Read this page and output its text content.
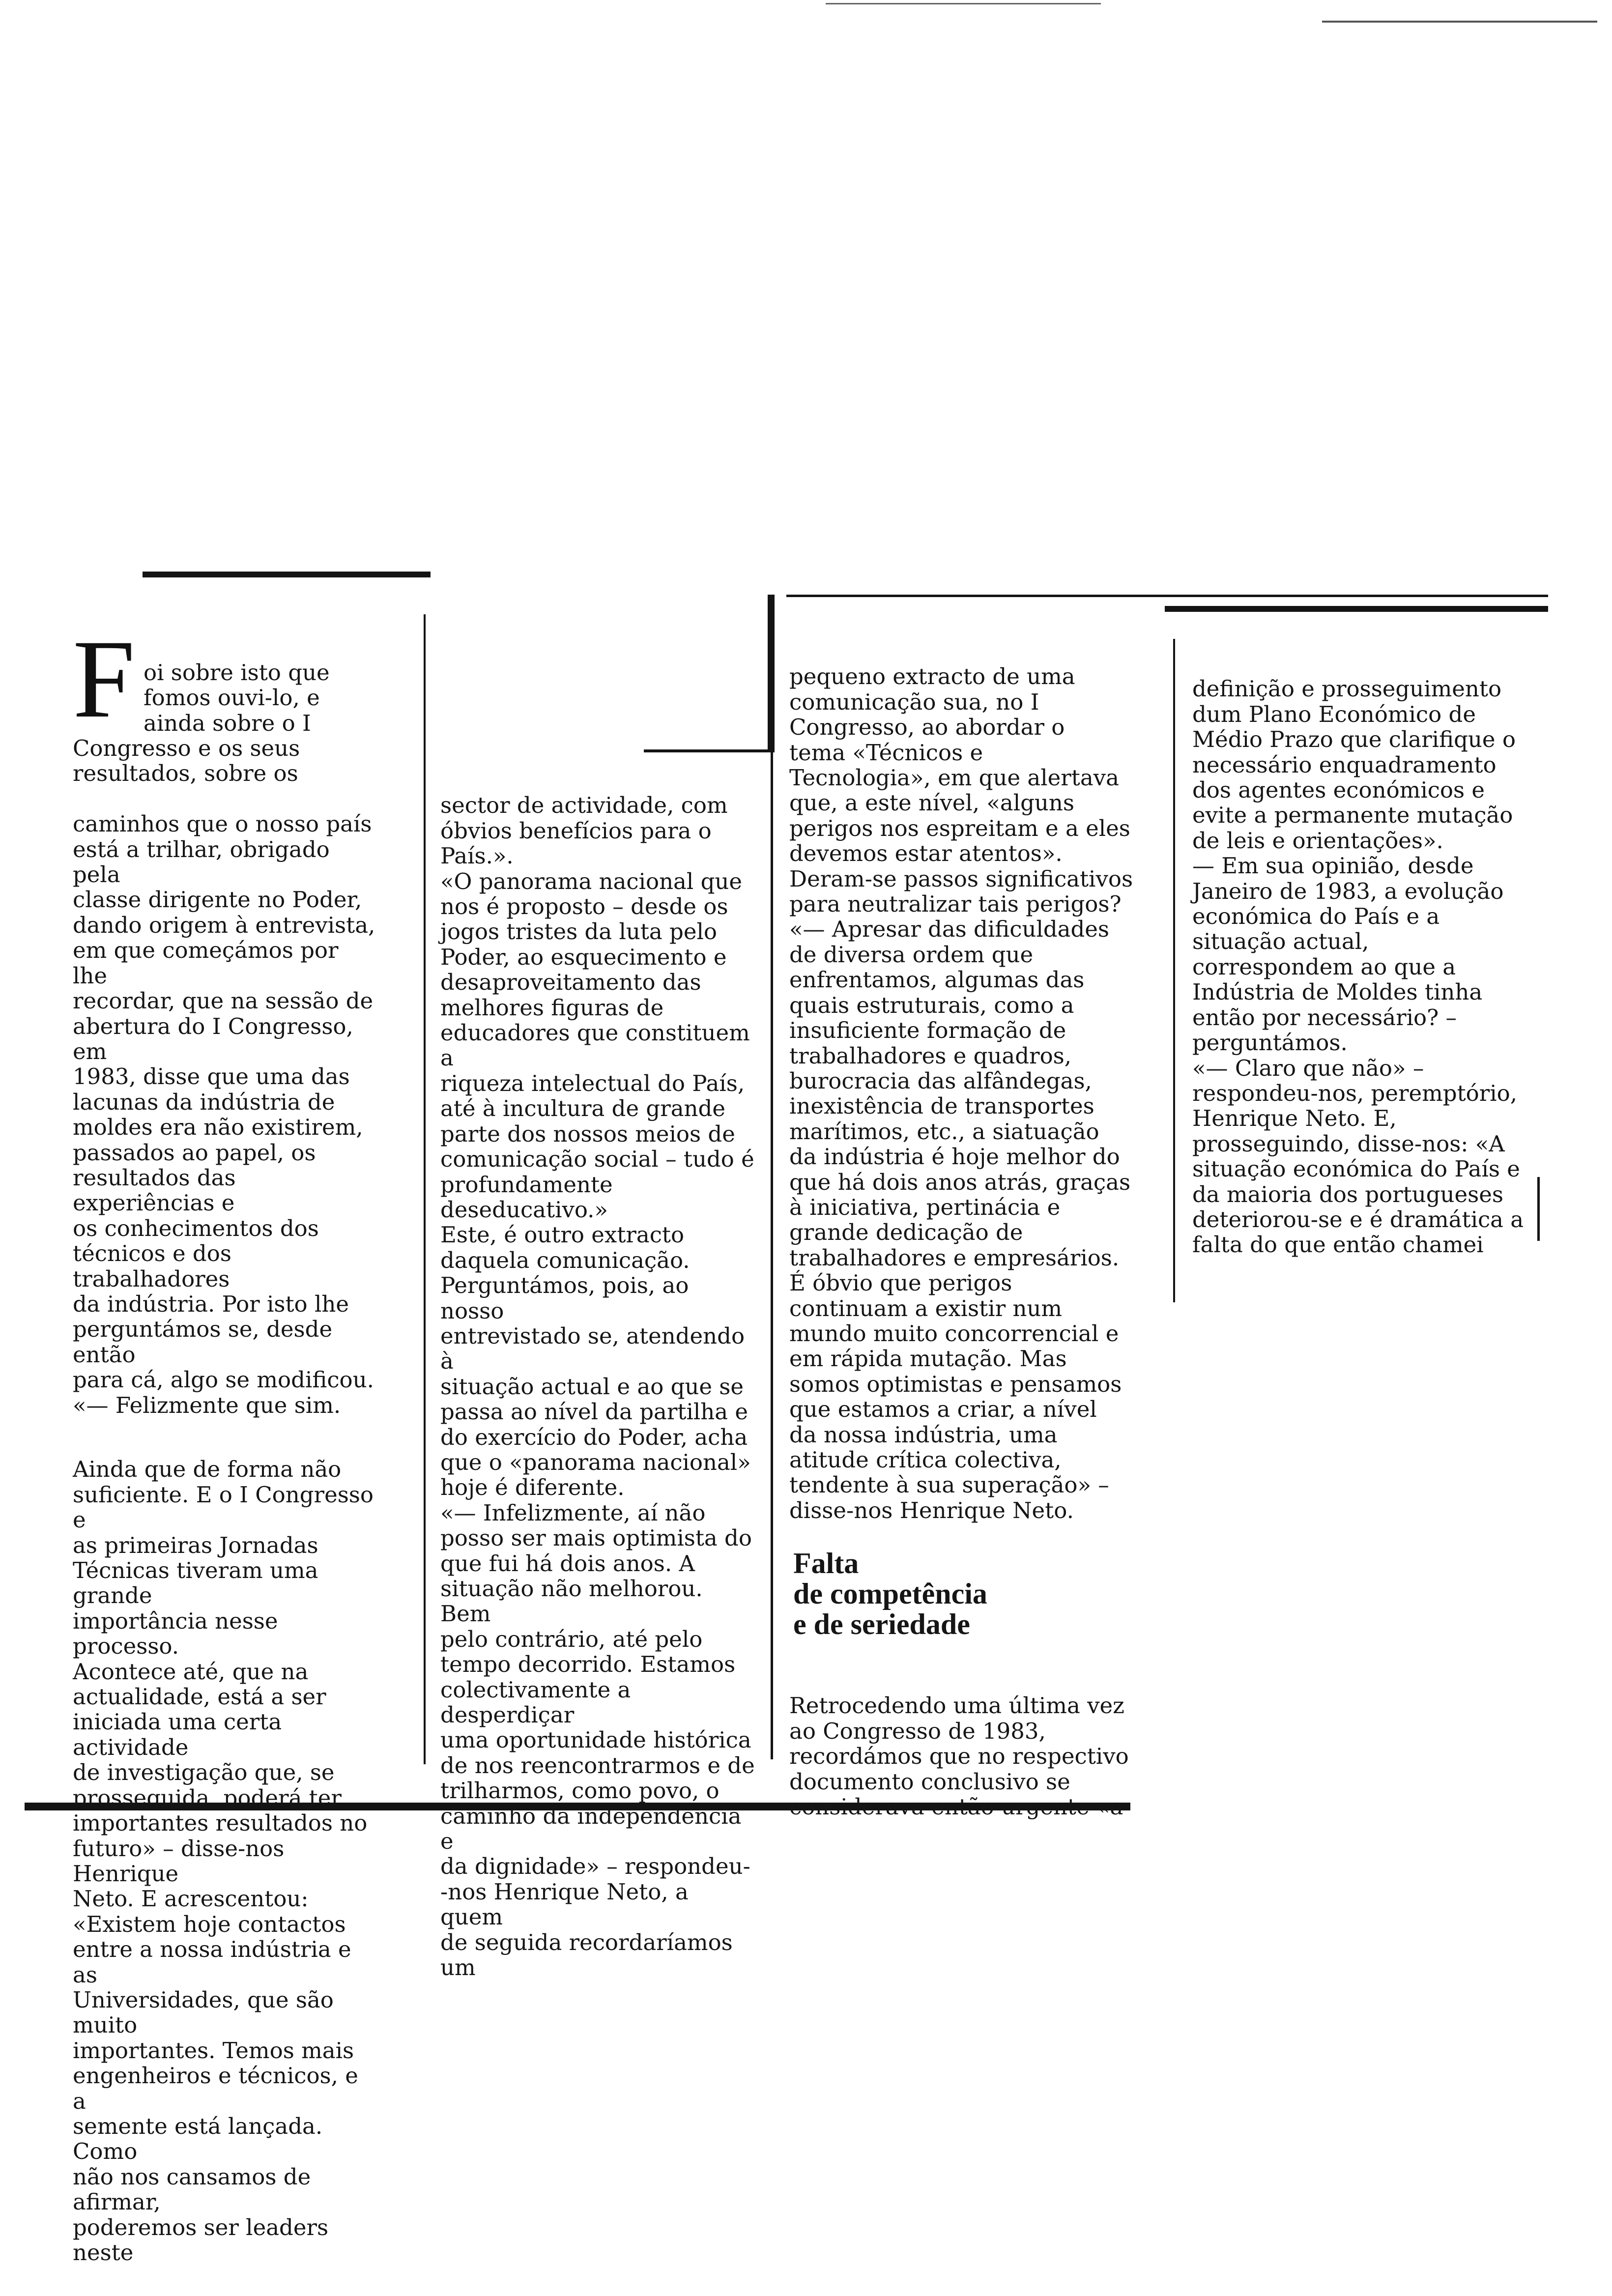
F oi sobre isto que
fomos ouvi-lo, e
ainda sobre o I
Congresso e os seus
resultados, sobre os

caminhos que o nosso país
está a trilhar, obrigado pela
classe dirigente no Poder,
dando origem à entrevista,
em que começámos por lhe
recordar, que na sessão de
abertura do I Congresso, em
1983, disse que uma das
lacunas da indústria de
moldes era não existirem,
passados ao papel, os
resultados das experiências e
os conhecimentos dos
técnicos e dos trabalhadores
da indústria. Por isto lhe
perguntámos se, desde então
para cá, algo se modificou.
«— Felizmente que sim.

Ainda que de forma não
suficiente. E o I Congresso e
as primeiras Jornadas
Técnicas tiveram uma grande
importância nesse processo.
Acontece até, que na
actualidade, está a ser
iniciada uma certa actividade
de investigação que, se
prosseguida, poderá ter
importantes resultados no
futuro» – disse-nos Henrique
Neto. E acrescentou:
«Existem hoje contactos
entre a nossa indústria e as
Universidades, que são muito
importantes. Temos mais
engenheiros e técnicos, e a
semente está lançada. Como
não nos cansamos de afirmar,
poderemos ser leaders neste

sector de actividade, com
óbvios benefícios para o
País.».
«O panorama nacional que
nos é proposto – desde os
jogos tristes da luta pelo
Poder, ao esquecimento e
desaproveitamento das
melhores figuras de
educadores que constituem a
riqueza intelectual do País,
até à incultura de grande
parte dos nossos meios de
comunicação social – tudo é
profundamente
deseducativo.»
Este, é outro extracto
daquela comunicação.
Perguntámos, pois, ao nosso
entrevistado se, atendendo à
situação actual e ao que se
passa ao nível da partilha e
do exercício do Poder, acha
que o «panorama nacional»
hoje é diferente.
«— Infelizmente, aí não
posso ser mais optimista do
que fui há dois anos. A
situação não melhorou. Bem
pelo contrário, até pelo
tempo decorrido. Estamos
colectivamente a desperdiçar
uma oportunidade histórica
de nos reencontrarmos e de
trilharmos, como povo, o
caminho da independência e
da dignidade» – respondeu-
-nos Henrique Neto, a quem
de seguida recordaríamos um

pequeno extracto de uma
comunicação sua, no I
Congresso, ao abordar o
tema «Técnicos e
Tecnologia», em que alertava
que, a este nível, «alguns
perigos nos espreitam e a eles
devemos estar atentos».
Deram-se passos significativos
para neutralizar tais perigos?
«— Apresar das dificuldades
de diversa ordem que
enfrentamos, algumas das
quais estruturais, como a
insuficiente formação de
trabalhadores e quadros,
burocracia das alfândegas,
inexistência de transportes
marítimos, etc., a siatuação
da indústria é hoje melhor do
que há dois anos atrás, graças
à iniciativa, pertinácia e
grande dedicação de
trabalhadores e empresários.
É óbvio que perigos
continuam a existir num
mundo muito concorrencial e
em rápida mutação. Mas
somos optimistas e pensamos
que estamos a criar, a nível
da nossa indústria, uma
atitude crítica colectiva,
tendente à sua superação» –
disse-nos Henrique Neto.

Falta
de competência
e de seriedade

Retrocedendo uma última vez
ao Congresso de 1983,
recordámos que no respectivo
documento conclusivo se
considerava então urgente «a

definição e prosseguimento
dum Plano Económico de
Médio Prazo que clarifique o
necessário enquadramento
dos agentes económicos e
evite a permanente mutação
de leis e orientações».
— Em sua opinião, desde
Janeiro de 1983, a evolução
económica do País e a
situação actual,
correspondem ao que a
Indústria de Moldes tinha
então por necessário? –
perguntámos.
«— Claro que não» –
respondeu-nos, peremptório,
Henrique Neto. E,
prosseguindo, disse-nos: «A
situação económica do País e
da maioria dos portugueses
deteriorou-se e é dramática a
falta do que então chamei
